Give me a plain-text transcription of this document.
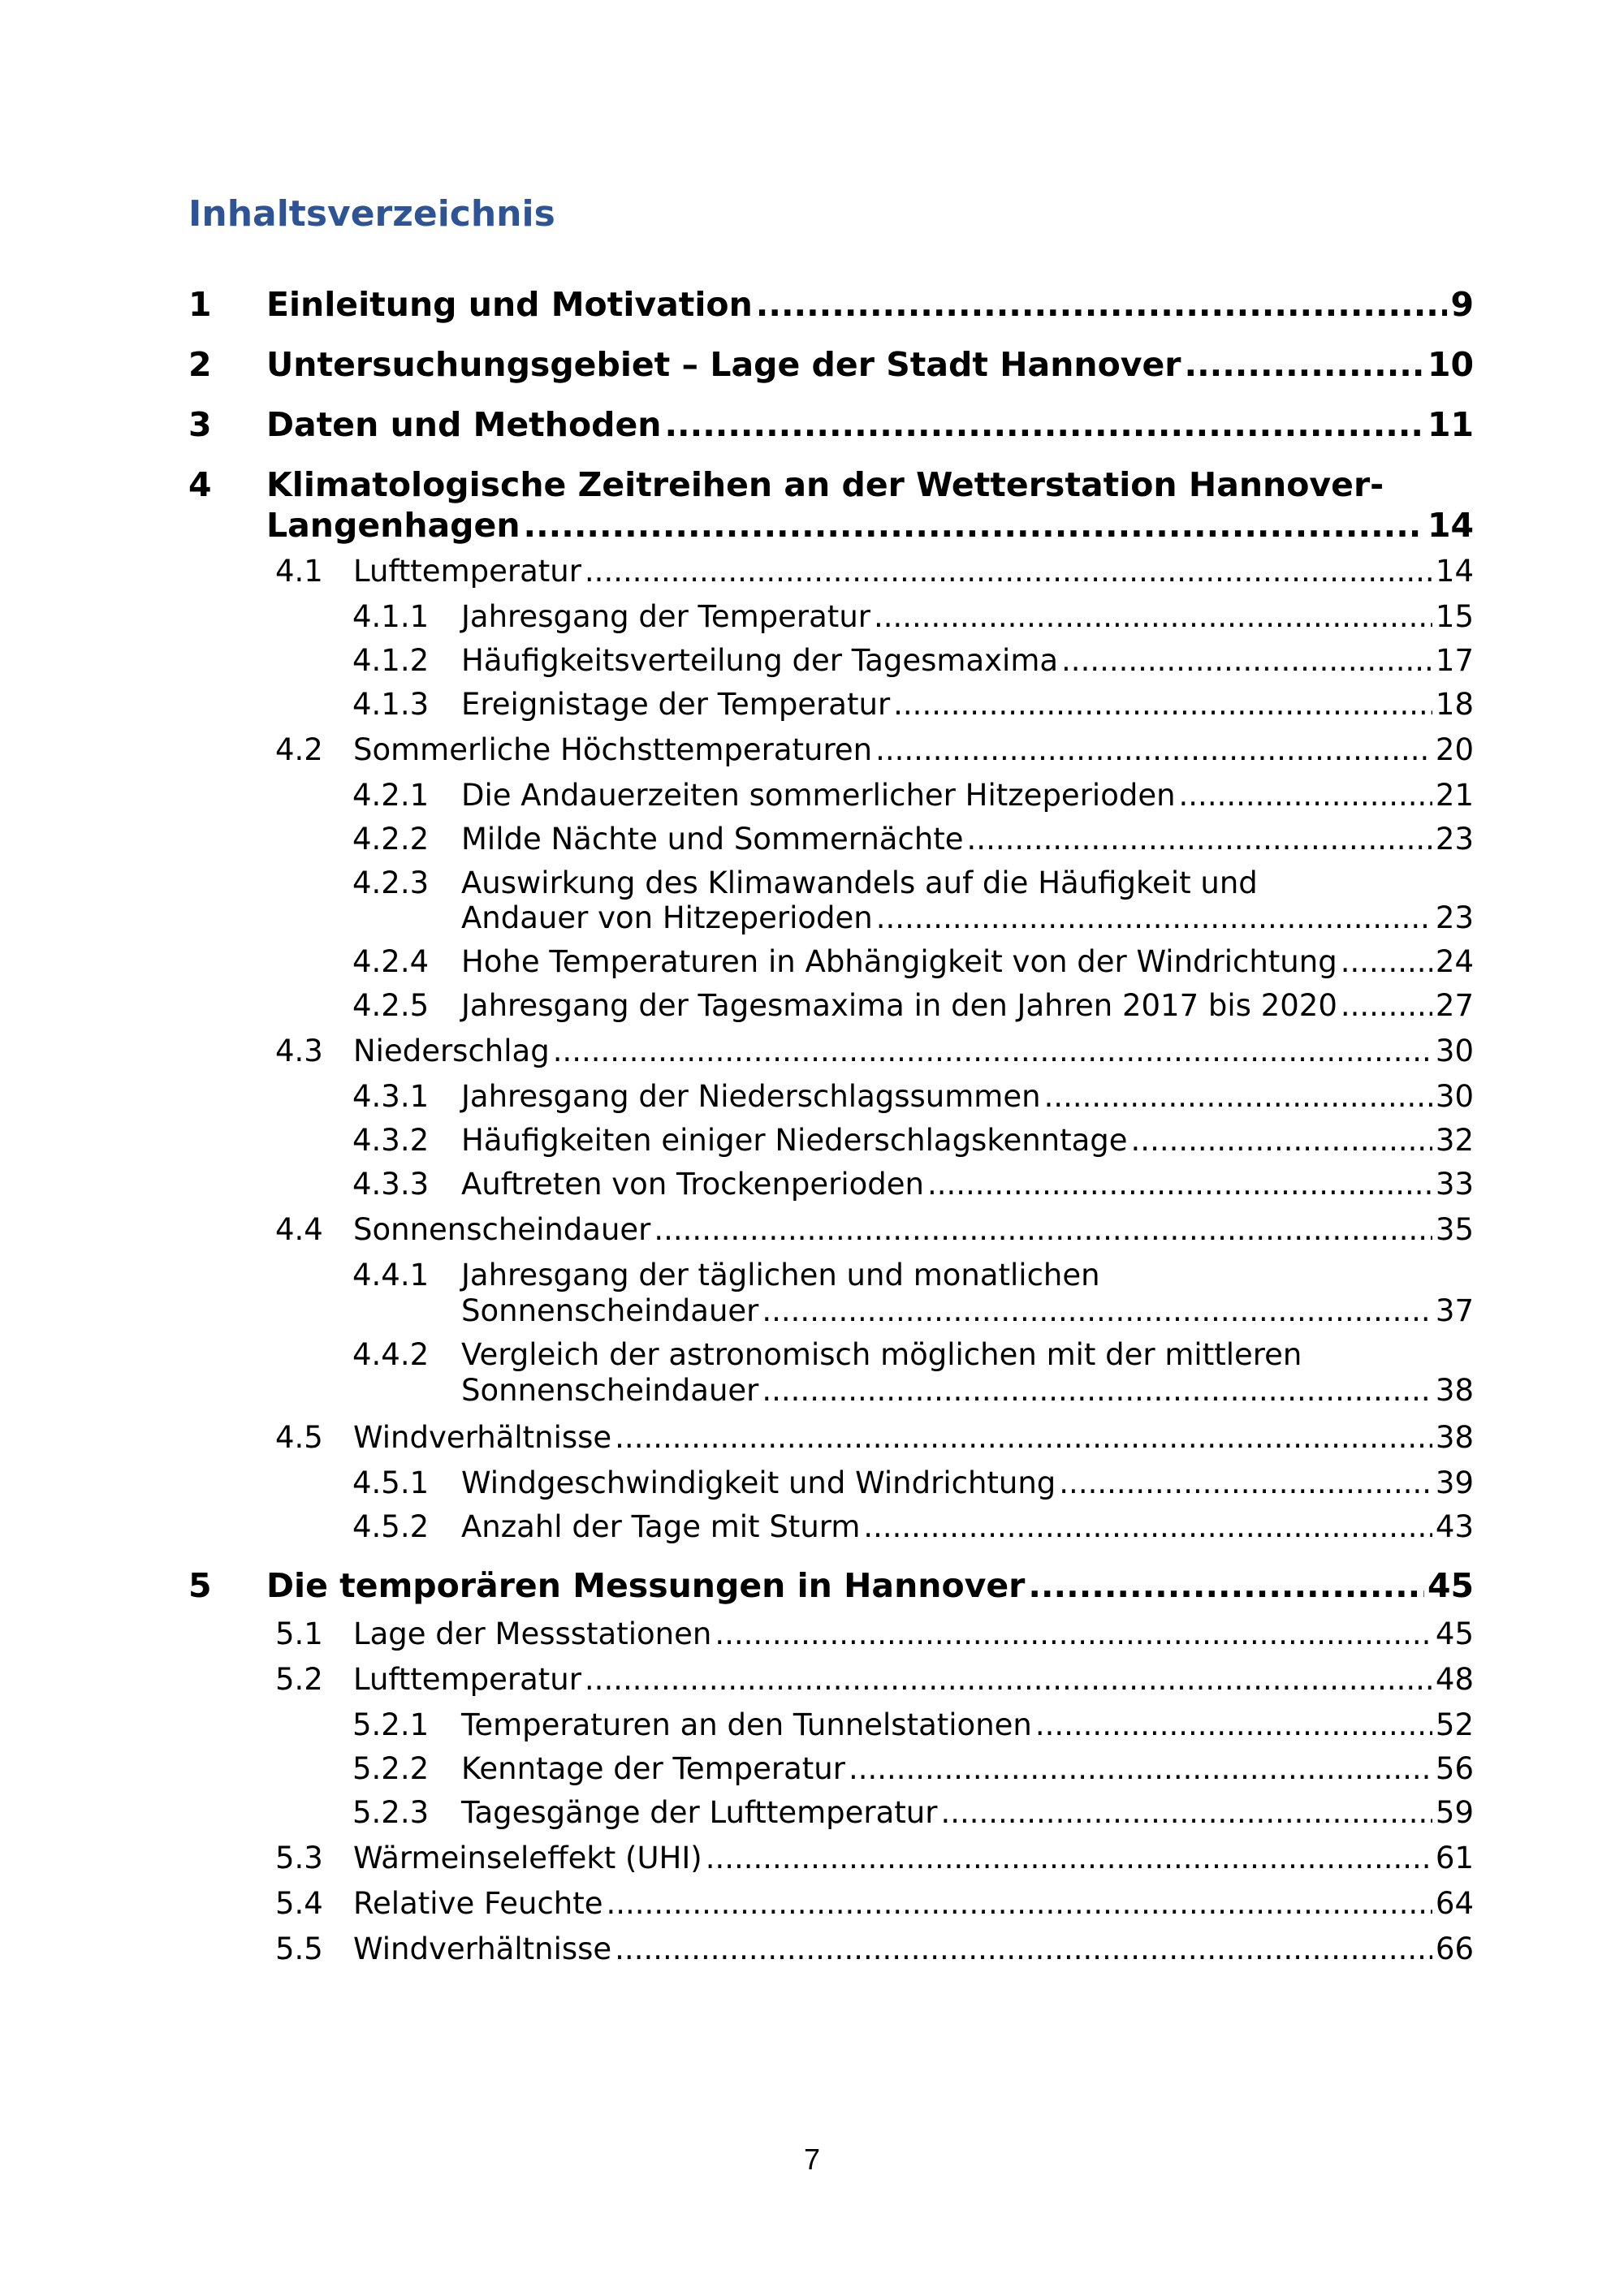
Inhaltsverzeichnis
1	Einleitung und Motivation .....	9
2	Untersuchungsgebiet – Lage der Stadt Hannover .....	10
3	Daten und Methoden .....	11
4	Klimatologische Zeitreihen an der Wetterstation Hannover-
Langenhagen .....	14
4.1	Lufttemperatur .....	14
4.1.1	Jahresgang der Temperatur .....	15
4.1.2	Häufigkeitsverteilung der Tagesmaxima .....	17
4.1.3	Ereignistage der Temperatur .....	18
4.2	Sommerliche Höchsttemperaturen .....	20
4.2.1	Die Andauerzeiten sommerlicher Hitzeperioden .....	21
4.2.2	Milde Nächte und Sommernächte .....	23
4.2.3	Auswirkung des Klimawandels auf die Häufigkeit und
Andauer von Hitzeperioden .....	23
4.2.4	Hohe Temperaturen in Abhängigkeit von der Windrichtung .....	24
4.2.5	Jahresgang der Tagesmaxima in den Jahren 2017 bis 2020 .....	27
4.3	Niederschlag .....	30
4.3.1	Jahresgang der Niederschlagssummen .....	30
4.3.2	Häufigkeiten einiger Niederschlagskenntage .....	32
4.3.3	Auftreten von Trockenperioden .....	33
4.4	Sonnenscheindauer .....	35
4.4.1	Jahresgang der täglichen und monatlichen
Sonnenscheindauer .....	37
4.4.2	Vergleich der astronomisch möglichen mit der mittleren
Sonnenscheindauer .....	38
4.5	Windverhältnisse .....	38
4.5.1	Windgeschwindigkeit und Windrichtung .....	39
4.5.2	Anzahl der Tage mit Sturm .....	43
5	Die temporären Messungen in Hannover .....	45
5.1	Lage der Messstationen .....	45
5.2	Lufttemperatur .....	48
5.2.1	Temperaturen an den Tunnelstationen .....	52
5.2.2	Kenntage der Temperatur .....	56
5.2.3	Tagesgänge der Lufttemperatur .....	59
5.3	Wärmeinseleffekt (UHI) .....	61
5.4	Relative Feuchte .....	64
5.5	Windverhältnisse .....	66
7
